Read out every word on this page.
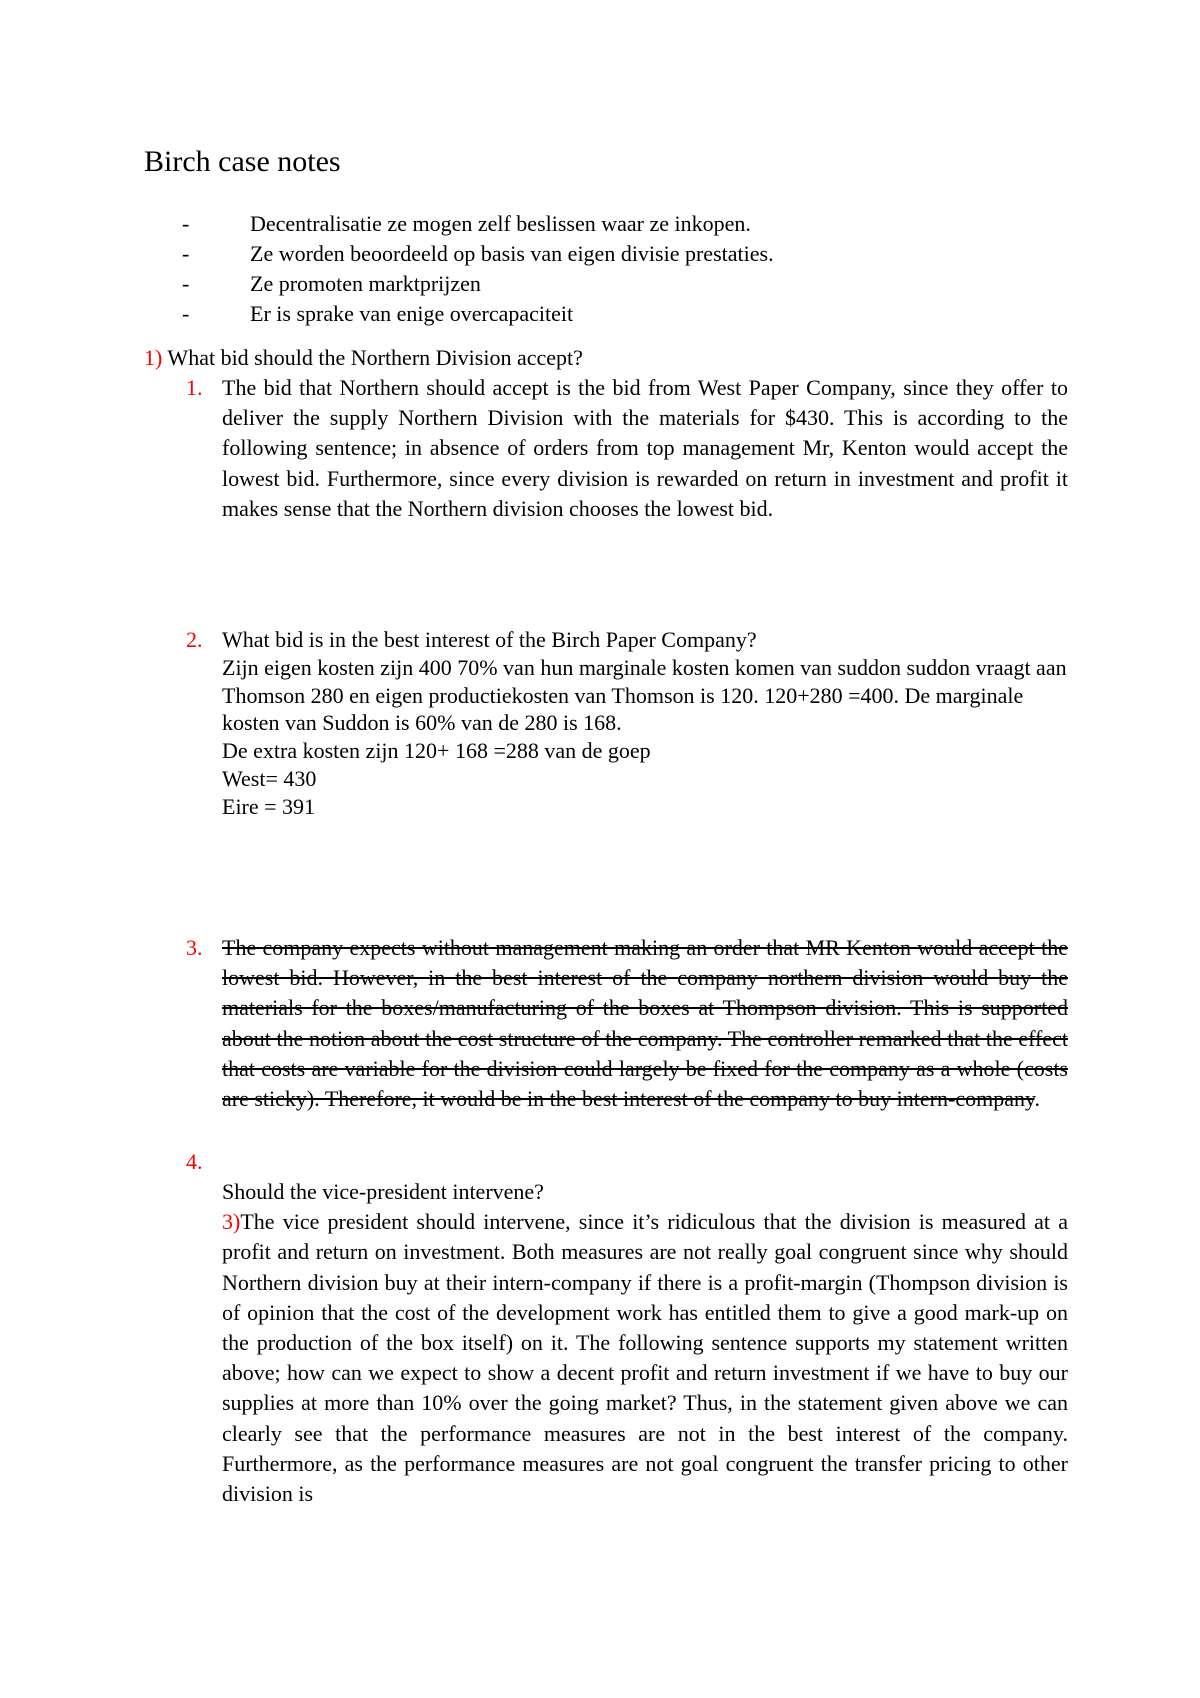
Birch case notes
-	Decentralisatie ze mogen zelf beslissen waar ze inkopen.
-	Ze worden beoordeeld op basis van eigen divisie prestaties.
-	Ze promoten marktprijzen
-	Er is sprake van enige overcapaciteit
1) What bid should the Northern Division accept?
1. The bid that Northern should accept is the bid from West Paper Company, since they offer to deliver the supply Northern Division with the materials for $430. This is according to the following sentence; in absence of orders from top management Mr, Kenton would accept the lowest bid. Furthermore, since every division is rewarded on return in investment and profit it makes sense that the Northern division chooses the lowest bid.
2. What bid is in the best interest of the Birch Paper Company?
Zijn eigen kosten zijn 400 70% van hun marginale kosten komen van suddon suddon vraagt aan Thomson 280 en eigen productiekosten van Thomson is 120. 120+280 =400. De marginale kosten van Suddon is 60% van de 280 is 168.
De extra kosten zijn 120+ 168 =288 van de goep
West= 430
Eire = 391
3. The company expects without management making an order that MR Kenton would accept the lowest bid. However, in the best interest of the company northern division would buy the materials for the boxes/manufacturing of the boxes at Thompson division. This is supported about the notion about the cost structure of the company. The controller remarked that the effect that costs are variable for the division could largely be fixed for the company as a whole (costs are sticky). Therefore, it would be in the best interest of the company to buy intern-company.
4.
Should the vice-president intervene?
3)The vice president should intervene, since it’s ridiculous that the division is measured at a profit and return on investment. Both measures are not really goal congruent since why should Northern division buy at their intern-company if there is a profit-margin (Thompson division is of opinion that the cost of the development work has entitled them to give a good mark-up on the production of the box itself) on it. The following sentence supports my statement written above; how can we expect to show a decent profit and return investment if we have to buy our supplies at more than 10% over the going market? Thus, in the statement given above we can clearly see that the performance measures are not in the best interest of the company. Furthermore, as the performance measures are not goal congruent the transfer pricing to other division is
